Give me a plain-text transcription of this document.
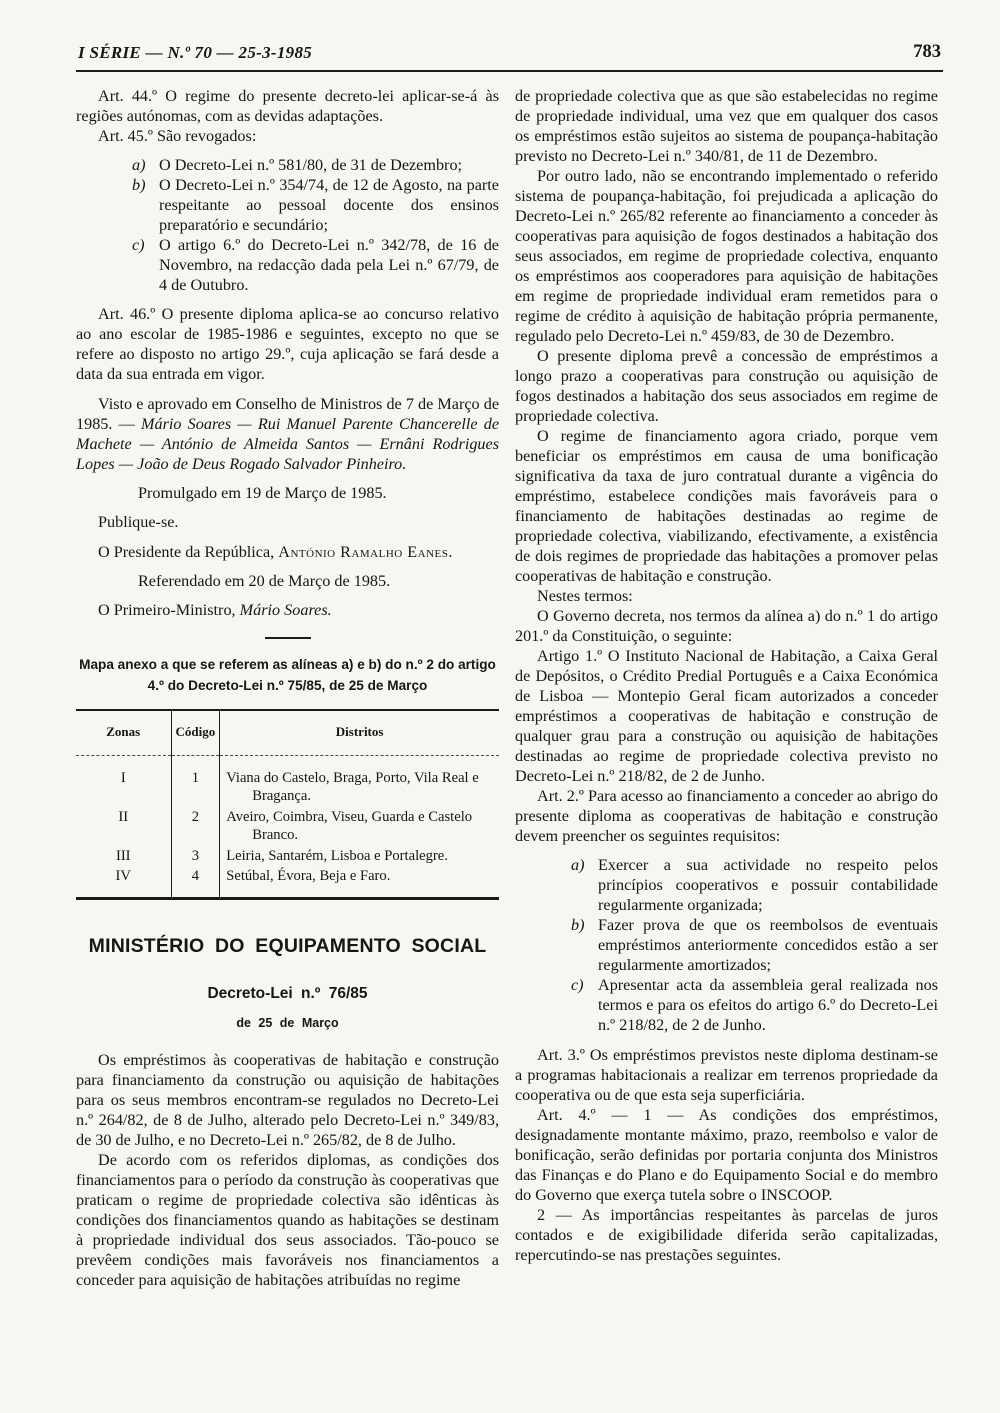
I SÉRIE — N.º 70 — 25-3-1985	783

Art. 44.º O regime do presente decreto-lei aplicar-se-á às regiões autónomas, com as devidas adaptações.

Art. 45.º São revogados:

a) O Decreto-Lei n.º 581/80, de 31 de Dezembro;
b) O Decreto-Lei n.º 354/74, de 12 de Agosto, na parte respeitante ao pessoal docente dos ensinos preparatório e secundário;
c) O artigo 6.º do Decreto-Lei n.º 342/78, de 16 de Novembro, na redacção dada pela Lei n.º 67/79, de 4 de Outubro.

Art. 46.º O presente diploma aplica-se ao concurso relativo ao ano escolar de 1985-1986 e seguintes, excepto no que se refere ao disposto no artigo 29.º, cuja aplicação se fará desde a data da sua entrada em vigor.

Visto e aprovado em Conselho de Ministros de 7 de Março de 1985. — Mário Soares — Rui Manuel Parente Chancerelle de Machete — António de Almeida Santos — Ernâni Rodrigues Lopes — João de Deus Rogado Salvador Pinheiro.

Promulgado em 19 de Março de 1985.

Publique-se.

O Presidente da República, António Ramalho Eanes.

Referendado em 20 de Março de 1985.

O Primeiro-Ministro, Mário Soares.

Mapa anexo a que se referem as alíneas a) e b) do n.º 2 do artigo 4.º do Decreto-Lei n.º 75/85, de 25 de Março

Zonas	Código	Distritos
I	1	Viana do Castelo, Braga, Porto, Vila Real e Bragança.

II	2	Aveiro, Coimbra, Viseu, Guarda e Castelo Branco.

III	3	Leiria, Santarém, Lisboa e Portalegre.

IV	4	Setúbal, Évora, Beja e Faro.
MINISTÉRIO DO EQUIPAMENTO SOCIAL
Decreto-Lei n.º 76/85
de 25 de Março

Os empréstimos às cooperativas de habitação e construção para financiamento da construção ou aquisição de habitações para os seus membros encontram-se regulados no Decreto-Lei n.º 264/82, de 8 de Julho, alterado pelo Decreto-Lei n.º 349/83, de 30 de Julho, e no Decreto-Lei n.º 265/82, de 8 de Julho.

De acordo com os referidos diplomas, as condições dos financiamentos para o período da construção às cooperativas que praticam o regime de propriedade colectiva são idênticas às condições dos financiamentos quando as habitações se destinam à propriedade individual dos seus associados. Tão-pouco se prevêem condições mais favoráveis nos financiamentos a conceder para aquisição de habitações atribuídas no regime

de propriedade colectiva que as que são estabelecidas no regime de propriedade individual, uma vez que em qualquer dos casos os empréstimos estão sujeitos ao sistema de poupança-habitação previsto no Decreto-Lei n.º 340/81, de 11 de Dezembro.

Por outro lado, não se encontrando implementado o referido sistema de poupança-habitação, foi prejudicada a aplicação do Decreto-Lei n.º 265/82 referente ao financiamento a conceder às cooperativas para aquisição de fogos destinados a habitação dos seus associados, em regime de propriedade colectiva, enquanto os empréstimos aos cooperadores para aquisição de habitações em regime de propriedade individual eram remetidos para o regime de crédito à aquisição de habitação própria permanente, regulado pelo Decreto-Lei n.º 459/83, de 30 de Dezembro.

O presente diploma prevê a concessão de empréstimos a longo prazo a cooperativas para construção ou aquisição de fogos destinados a habitação dos seus associados em regime de propriedade colectiva.

O regime de financiamento agora criado, porque vem beneficiar os empréstimos em causa de uma bonificação significativa da taxa de juro contratual durante a vigência do empréstimo, estabelece condições mais favoráveis para o financiamento de habitações destinadas ao regime de propriedade colectiva, viabilizando, efectivamente, a existência de dois regimes de propriedade das habitações a promover pelas cooperativas de habitação e construção.

Nestes termos:

O Governo decreta, nos termos da alínea a) do n.º 1 do artigo 201.º da Constituição, o seguinte:

Artigo 1.º O Instituto Nacional de Habitação, a Caixa Geral de Depósitos, o Crédito Predial Português e a Caixa Económica de Lisboa — Montepio Geral ficam autorizados a conceder empréstimos a cooperativas de habitação e construção de qualquer grau para a construção ou aquisição de habitações destinadas ao regime de propriedade colectiva previsto no Decreto-Lei n.º 218/82, de 2 de Junho.

Art. 2.º Para acesso ao financiamento a conceder ao abrigo do presente diploma as cooperativas de habitação e construção devem preencher os seguintes requisitos:

a) Exercer a sua actividade no respeito pelos princípios cooperativos e possuir contabilidade regularmente organizada;
b) Fazer prova de que os reembolsos de eventuais empréstimos anteriormente concedidos estão a ser regularmente amortizados;
c) Apresentar acta da assembleia geral realizada nos termos e para os efeitos do artigo 6.º do Decreto-Lei n.º 218/82, de 2 de Junho.

Art. 3.º Os empréstimos previstos neste diploma destinam-se a programas habitacionais a realizar em terrenos propriedade da cooperativa ou de que esta seja superficiária.

Art. 4.º — 1 — As condições dos empréstimos, designadamente montante máximo, prazo, reembolso e valor de bonificação, serão definidas por portaria conjunta dos Ministros das Finanças e do Plano e do Equipamento Social e do membro do Governo que exerça tutela sobre o INSCOOP.

2 — As importâncias respeitantes às parcelas de juros contados e de exigibilidade diferida serão capitalizadas, repercutindo-se nas prestações seguintes.
